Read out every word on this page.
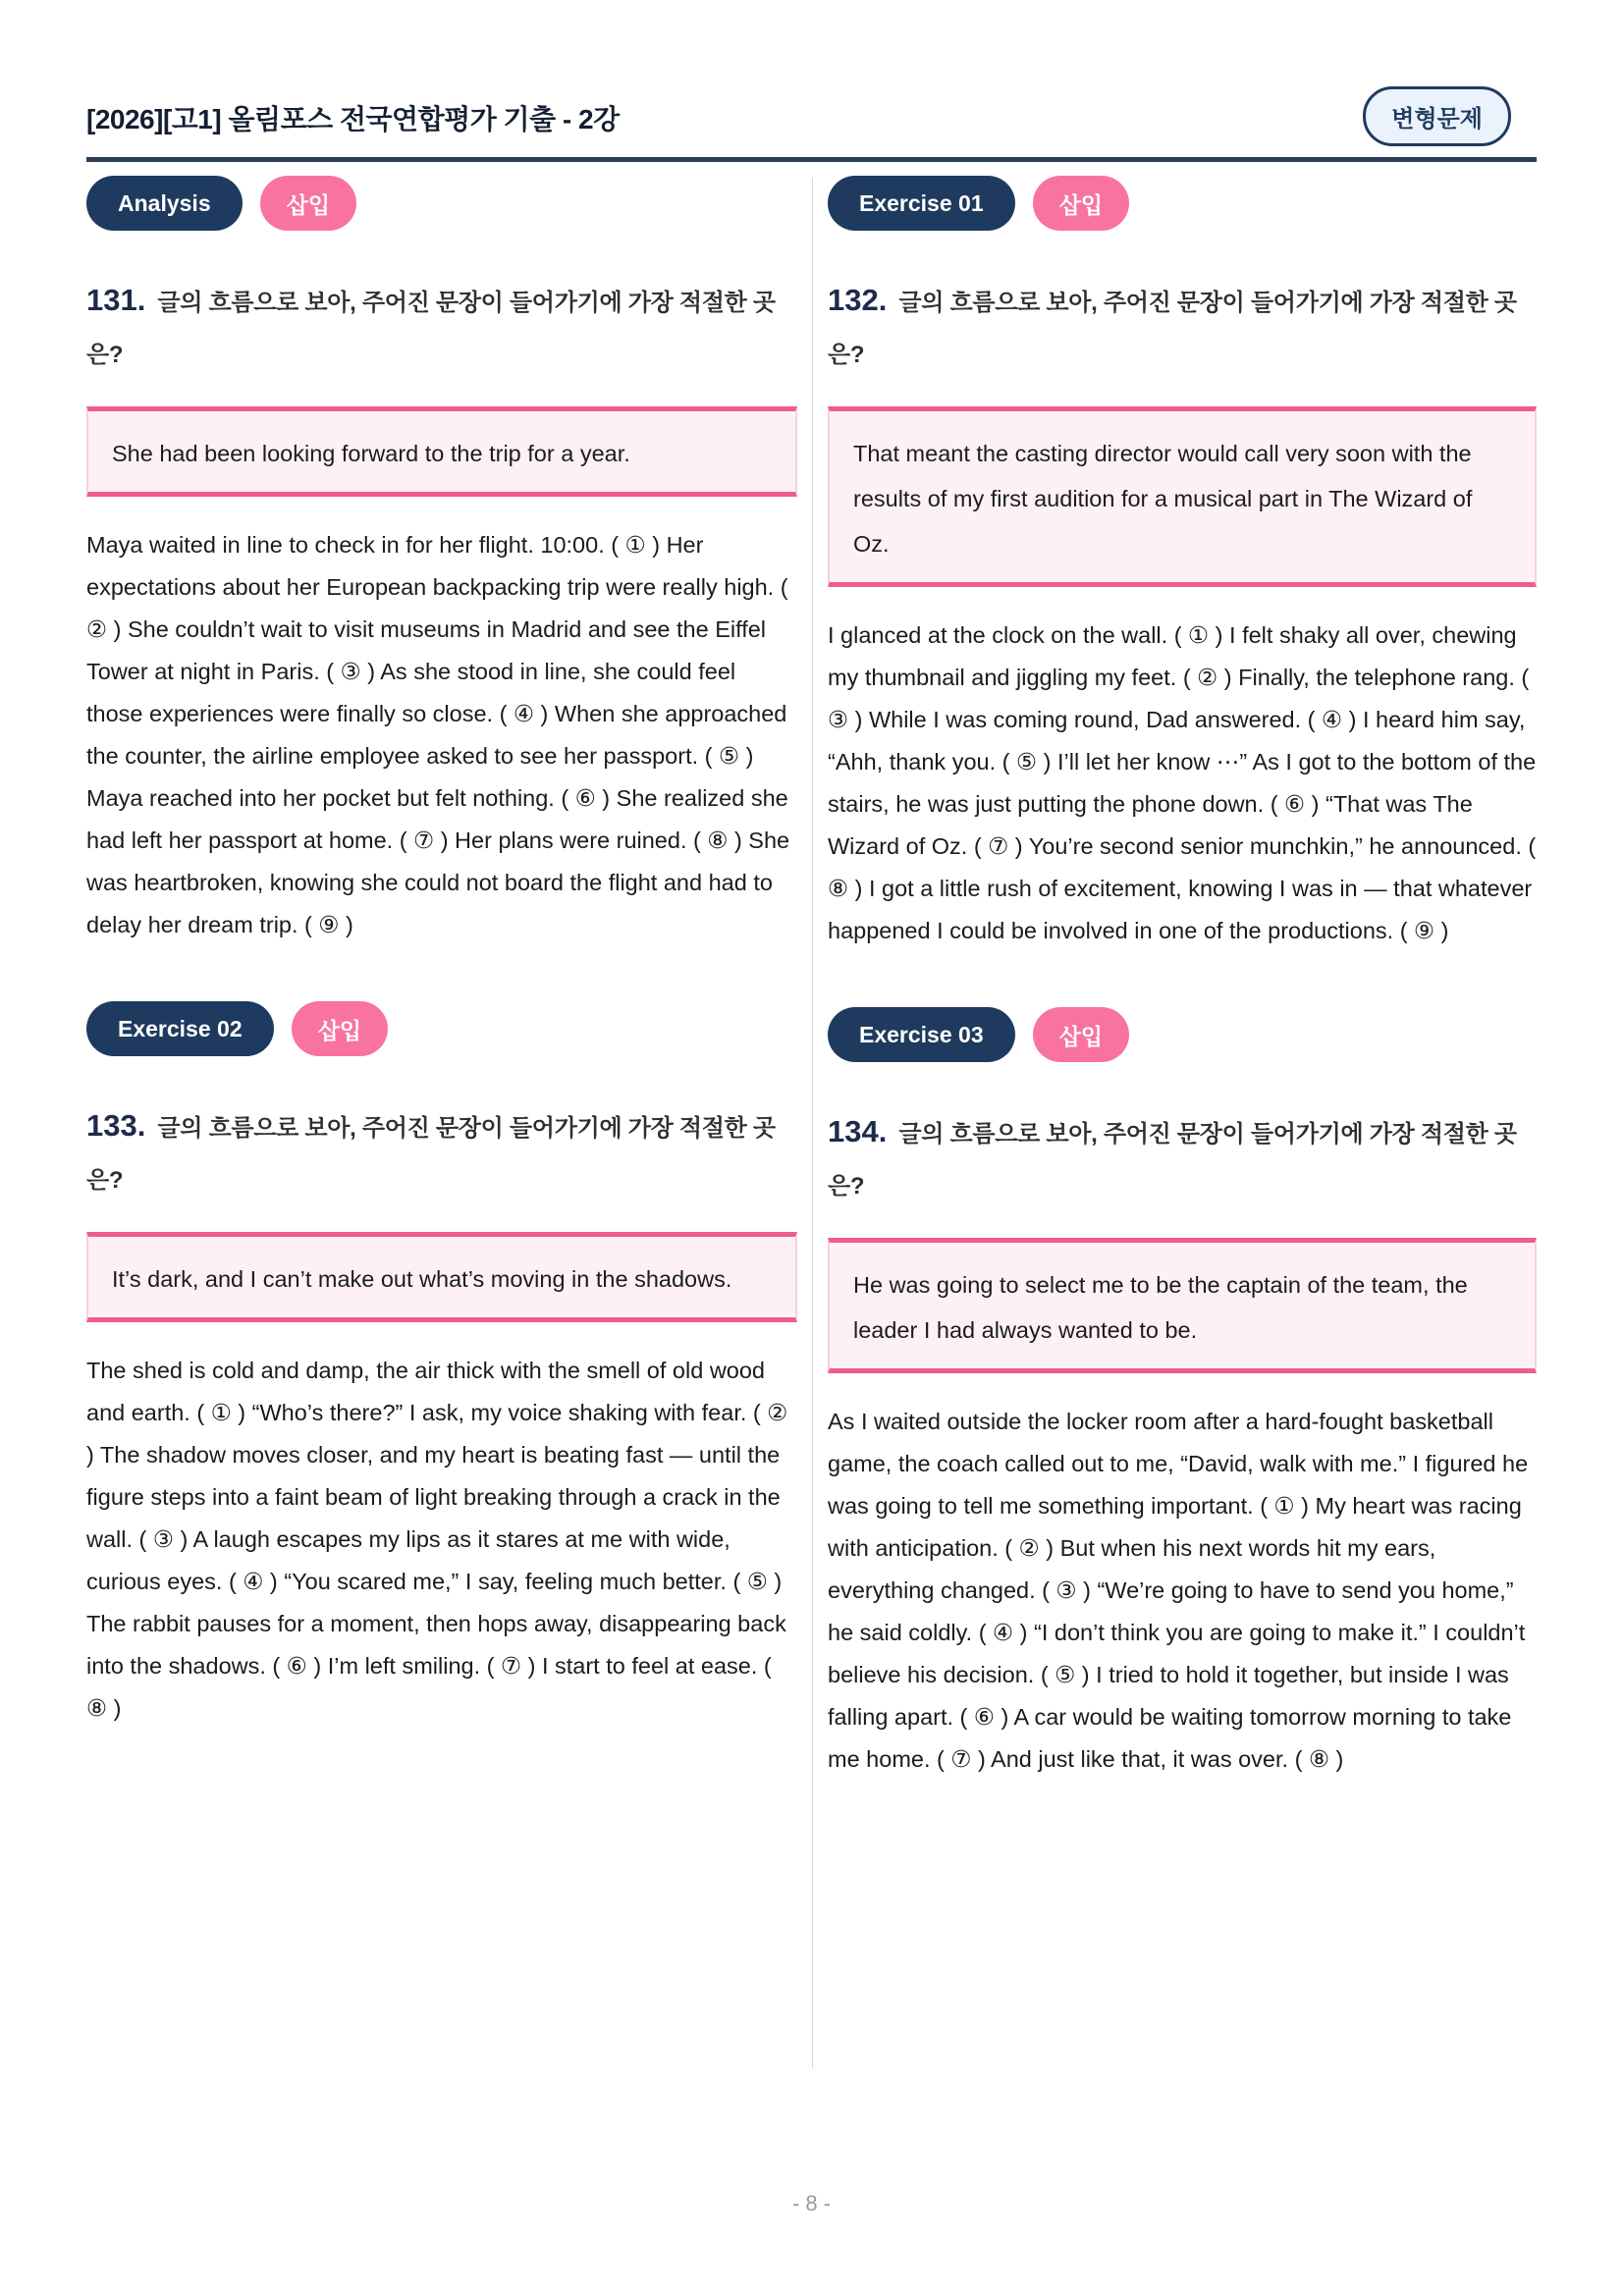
[2026][고1] 올림포스 전국연합평가 기출 - 2강	변형문제
Analysis	삽입
131. 글의 흐름으로 보아, 주어진 문장이 들어가기에 가장 적절한 곳은?

She had been looking forward to the trip for a year.

Maya waited in line to check in for her flight. 10:00. ( ① ) Her expectations about her European backpacking trip were really high. ( ② ) She couldn’t wait to visit museums in Madrid and see the Eiffel Tower at night in Paris. ( ③ ) As she stood in line, she could feel those experiences were finally so close. ( ④ ) When she approached the counter, the airline employee asked to see her passport. ( ⑤ ) Maya reached into her pocket but felt nothing. ( ⑥ ) She realized she had left her passport at home. ( ⑦ ) Her plans were ruined. ( ⑧ ) She was heartbroken, knowing she could not board the flight and had to delay her dream trip. ( ⑨ )

Exercise 02	삽입
133. 글의 흐름으로 보아, 주어진 문장이 들어가기에 가장 적절한 곳은?

It’s dark, and I can’t make out what’s moving in the shadows.

The shed is cold and damp, the air thick with the smell of old wood and earth. ( ① ) “Who’s there?” I ask, my voice shaking with fear. ( ② ) The shadow moves closer, and my heart is beating fast — until the figure steps into a faint beam of light breaking through a crack in the wall. ( ③ ) A laugh escapes my lips as it stares at me with wide, curious eyes. ( ④ ) “You scared me,” I say, feeling much better. ( ⑤ ) The rabbit pauses for a moment, then hops away, disappearing back into the shadows. ( ⑥ ) I’m left smiling. ( ⑦ ) I start to feel at ease. ( ⑧ )

Exercise 01	삽입
132. 글의 흐름으로 보아, 주어진 문장이 들어가기에 가장 적절한 곳은?

That meant the casting director would call very soon with the results of my first audition for a musical part in The Wizard of Oz.

I glanced at the clock on the wall. ( ① ) I felt shaky all over, chewing my thumbnail and jiggling my feet. ( ② ) Finally, the telephone rang. ( ③ ) While I was coming round, Dad answered. ( ④ ) I heard him say, “Ahh, thank you. ( ⑤ ) I’ll let her know ⋯” As I got to the bottom of the stairs, he was just putting the phone down. ( ⑥ ) “That was The Wizard of Oz. ( ⑦ ) You’re second senior munchkin,” he announced. ( ⑧ ) I got a little rush of excitement, knowing I was in — that whatever happened I could be involved in one of the productions. ( ⑨ )

Exercise 03	삽입
134. 글의 흐름으로 보아, 주어진 문장이 들어가기에 가장 적절한 곳은?

He was going to select me to be the captain of the team, the leader I had always wanted to be.

As I waited outside the locker room after a hard-fought basketball game, the coach called out to me, “David, walk with me.” I figured he was going to tell me something important. ( ① ) My heart was racing with anticipation. ( ② ) But when his next words hit my ears, everything changed. ( ③ ) “We’re going to have to send you home,” he said coldly. ( ④ ) “I don’t think you are going to make it.” I couldn’t believe his decision. ( ⑤ ) I tried to hold it together, but inside I was falling apart. ( ⑥ ) A car would be waiting tomorrow morning to take me home. ( ⑦ ) And just like that, it was over. ( ⑧ )

- 8 -
